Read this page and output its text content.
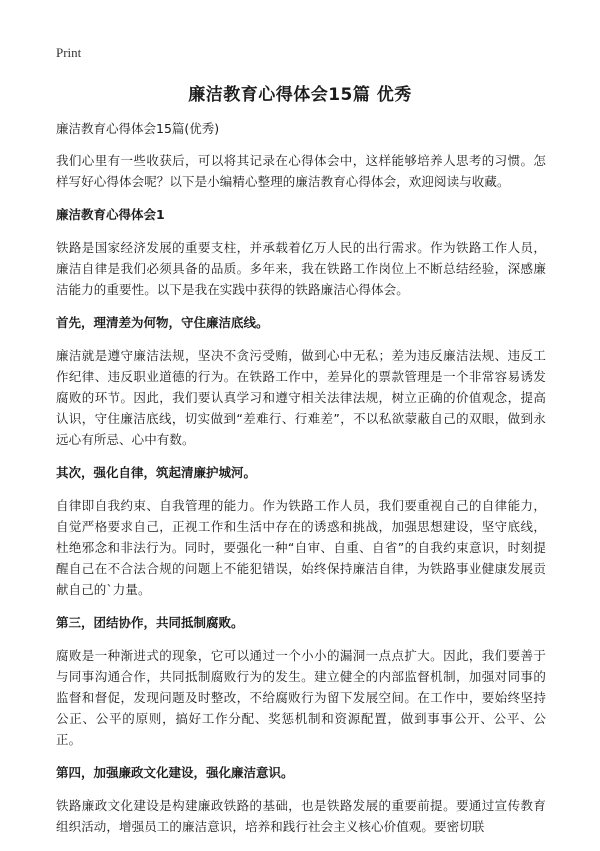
Print
廉洁教育心得体会15篇 优秀
廉洁教育心得体会15篇(优秀)

我们心里有一些收获后，可以将其记录在心得体会中，这样能够培养人思考的习惯。怎样写好心得体会呢？以下是小编精心整理的廉洁教育心得体会，欢迎阅读与收藏。

廉洁教育心得体会1

铁路是国家经济发展的重要支柱，并承载着亿万人民的出行需求。作为铁路工作人员，廉洁自律是我们必须具备的品质。多年来，我在铁路工作岗位上不断总结经验，深感廉洁能力的重要性。以下是我在实践中获得的铁路廉洁心得体会。

首先，理清差为何物，守住廉洁底线。

廉洁就是遵守廉洁法规，坚决不贪污受贿，做到心中无私；差为违反廉洁法规、违反工作纪律、违反职业道德的行为。在铁路工作中，差异化的票款管理是一个非常容易诱发腐败的环节。因此，我们要认真学习和遵守相关法律法规，树立正确的价值观念，提高认识，守住廉洁底线，切实做到“差难行、行难差”，不以私欲蒙蔽自己的双眼，做到永远心有所忌、心中有数。

其次，强化自律，筑起清廉护城河。

自律即自我约束、自我管理的能力。作为铁路工作人员，我们要重视自己的自律能力，自觉严格要求自己，正视工作和生活中存在的诱惑和挑战，加强思想建设，坚守底线，杜绝邪念和非法行为。同时，要强化一种“自审、自重、自省”的自我约束意识，时刻提醒自己在不合法合规的问题上不能犯错误，始终保持廉洁自律，为铁路事业健康发展贡献自己的`力量。

第三，团结协作，共同抵制腐败。

腐败是一种渐进式的现象，它可以通过一个小小的漏洞一点点扩大。因此，我们要善于与同事沟通合作，共同抵制腐败行为的发生。建立健全的内部监督机制，加强对同事的监督和督促，发现问题及时整改，不给腐败行为留下发展空间。在工作中，要始终坚持公正、公平的原则，搞好工作分配、奖惩机制和资源配置，做到事事公开、公平、公正。

第四，加强廉政文化建设，强化廉洁意识。

铁路廉政文化建设是构建廉政铁路的基础，也是铁路发展的重要前提。要通过宣传教育组织活动，增强员工的廉洁意识，培养和践行社会主义核心价值观。要密切联
